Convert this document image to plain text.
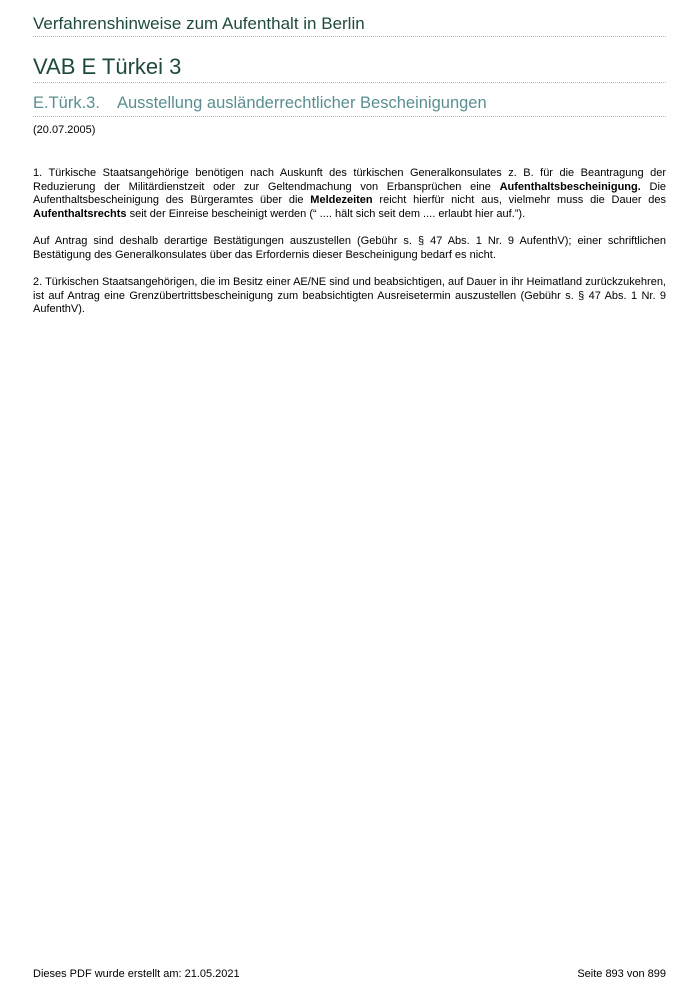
Verfahrenshinweise zum Aufenthalt in Berlin
VAB E Türkei 3
E.Türk.3. Ausstellung ausländerrechtlicher Bescheinigungen
(20.07.2005)

1. Türkische Staatsangehörige benötigen nach Auskunft des türkischen Generalkonsulates z. B. für die Beantragung der Reduzierung der Militärdienstzeit oder zur Geltendmachung von Erbansprüchen eine Aufenthaltsbescheinigung. Die Aufenthaltsbescheinigung des Bürgeramtes über die Meldezeiten reicht hierfür nicht aus, vielmehr muss die Dauer des Aufenthaltsrechts seit der Einreise bescheinigt werden (“ .... hält sich seit dem .... erlaubt hier auf.”).

Auf Antrag sind deshalb derartige Bestätigungen auszustellen (Gebühr s. § 47 Abs. 1 Nr. 9 AufenthV); einer schriftlichen Bestätigung des Generalkonsulates über das Erfordernis dieser Bescheinigung bedarf es nicht.

2. Türkischen Staatsangehörigen, die im Besitz einer AE/NE sind und beabsichtigen, auf Dauer in ihr Heimatland zurückzukehren, ist auf Antrag eine Grenzübertrittsbescheinigung zum beabsichtigten Ausreisetermin auszustellen (Gebühr s. § 47 Abs. 1 Nr. 9 AufenthV).

Dieses PDF wurde erstellt am: 21.05.2021	Seite 893 von 899
